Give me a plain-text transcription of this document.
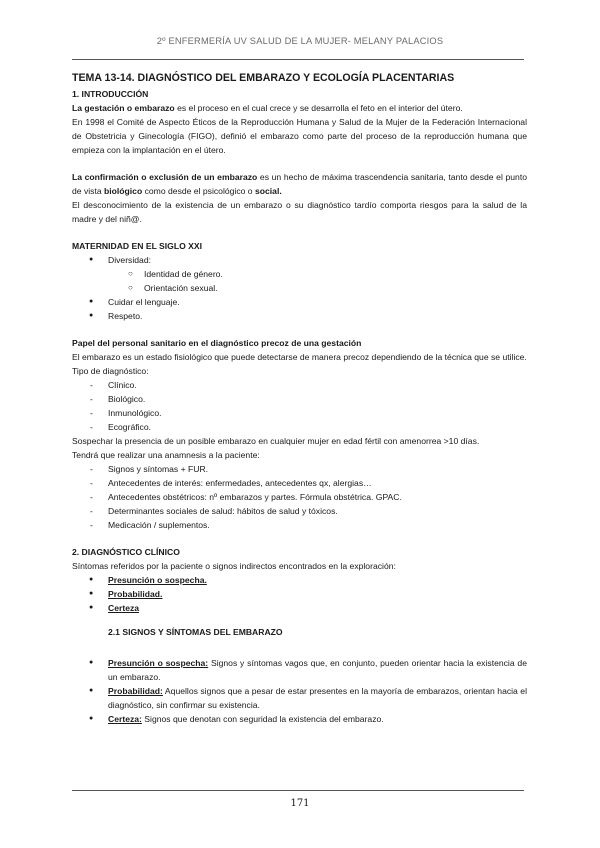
2º ENFERMERÍA UV SALUD DE LA MUJER- MELANY PALACIOS

TEMA 13-14. DIAGNÓSTICO DEL EMBARAZO Y ECOLOGÍA PLACENTARIAS

1. INTRODUCCIÓN

La gestación o embarazo es el proceso en el cual crece y se desarrolla el feto en el interior del útero.

En 1998 el Comité de Aspecto Éticos de la Reproducción Humana y Salud de la Mujer de la Federación Internacional de Obstetricia y Ginecología (FIGO), definió el embarazo como parte del proceso de la reproducción humana que empieza con la implantación en el útero.

La confirmación o exclusión de un embarazo es un hecho de máxima trascendencia sanitaria, tanto desde el punto de vista biológico como desde el psicológico o social.

El desconocimiento de la existencia de un embarazo o su diagnóstico tardío comporta riesgos para la salud de la madre y del niñ@.

MATERNIDAD EN EL SIGLO XXI

● Diversidad:
○ Identidad de género.
○ Orientación sexual.
● Cuidar el lenguaje.
● Respeto.

Papel del personal sanitario en el diagnóstico precoz de una gestación

El embarazo es un estado fisiológico que puede detectarse de manera precoz dependiendo de la técnica que se utilice.

Tipo de diagnóstico:

- Clínico.
- Biológico.
- Inmunológico.
- Ecográfico.

Sospechar la presencia de un posible embarazo en cualquier mujer en edad fértil con amenorrea >10 días.

Tendrá que realizar una anamnesis a la paciente:

- Signos y síntomas + FUR.
- Antecedentes de interés: enfermedades, antecedentes qx, alergias…
- Antecedentes obstétricos: nº embarazos y partes. Fórmula obstétrica. GPAC.
- Determinantes sociales de salud: hábitos de salud y tóxicos.
- Medicación / suplementos.

2. DIAGNÓSTICO CLÍNICO

Síntomas referidos por la paciente o signos indirectos encontrados en la exploración:

● Presunción o sospecha.
● Probabilidad.
● Certeza

2.1 SIGNOS Y SÍNTOMAS DEL EMBARAZO

● Presunción o sospecha: Signos y síntomas vagos que, en conjunto, pueden orientar hacia la existencia de un embarazo.
● Probabilidad: Aquellos signos que a pesar de estar presentes en la mayoría de embarazos, orientan hacia el diagnóstico, sin confirmar su existencia.
● Certeza: Signos que denotan con seguridad la existencia del embarazo.
171
